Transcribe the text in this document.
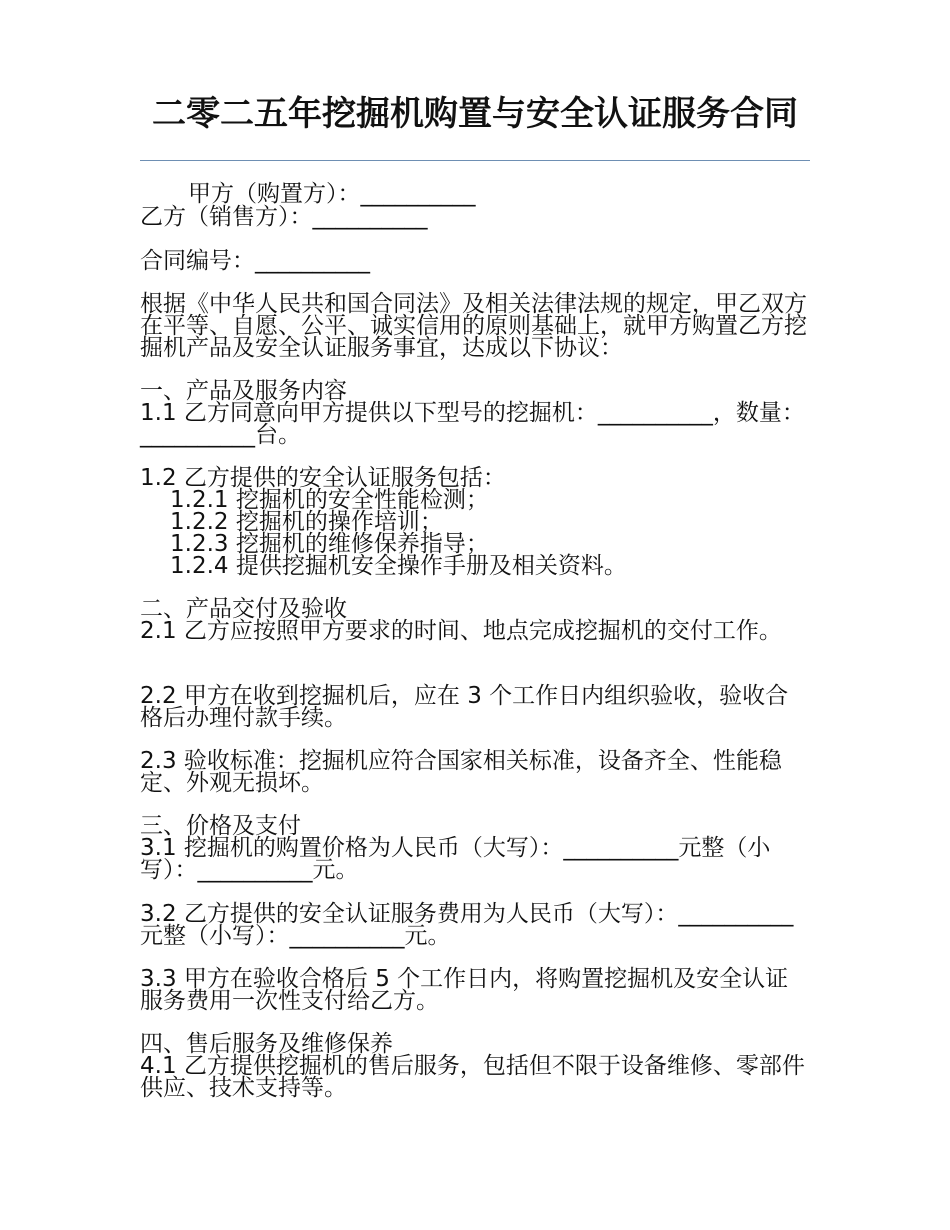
二零二五年挖掘机购置与安全认证服务合同

甲方（购置方）：__________

乙方（销售方）：__________

合同编号：__________

根据《中华人民共和国合同法》及相关法律法规的规定，甲乙双方在平等、自愿、公平、诚实信用的原则基础上，就甲方购置乙方挖掘机产品及安全认证服务事宜，达成以下协议：

一、产品及服务内容

1.1 乙方同意向甲方提供以下型号的挖掘机：__________，数量：__________台。

1.2 乙方提供的安全认证服务包括：

1.2.1 挖掘机的安全性能检测；

1.2.2 挖掘机的操作培训；

1.2.3 挖掘机的维修保养指导；

1.2.4 提供挖掘机安全操作手册及相关资料。

二、产品交付及验收

2.1 乙方应按照甲方要求的时间、地点完成挖掘机的交付工作。

2.2 甲方在收到挖掘机后，应在 3 个工作日内组织验收，验收合格后办理付款手续。

2.3 验收标准：挖掘机应符合国家相关标准，设备齐全、性能稳定、外观无损坏。

三、价格及支付

3.1 挖掘机的购置价格为人民币（大写）：__________元整（小写）：__________元。

3.2 乙方提供的安全认证服务费用为人民币（大写）：__________元整（小写）：__________元。

3.3 甲方在验收合格后 5 个工作日内，将购置挖掘机及安全认证服务费用一次性支付给乙方。

四、售后服务及维修保养

4.1 乙方提供挖掘机的售后服务，包括但不限于设备维修、零部件供应、技术支持等。
